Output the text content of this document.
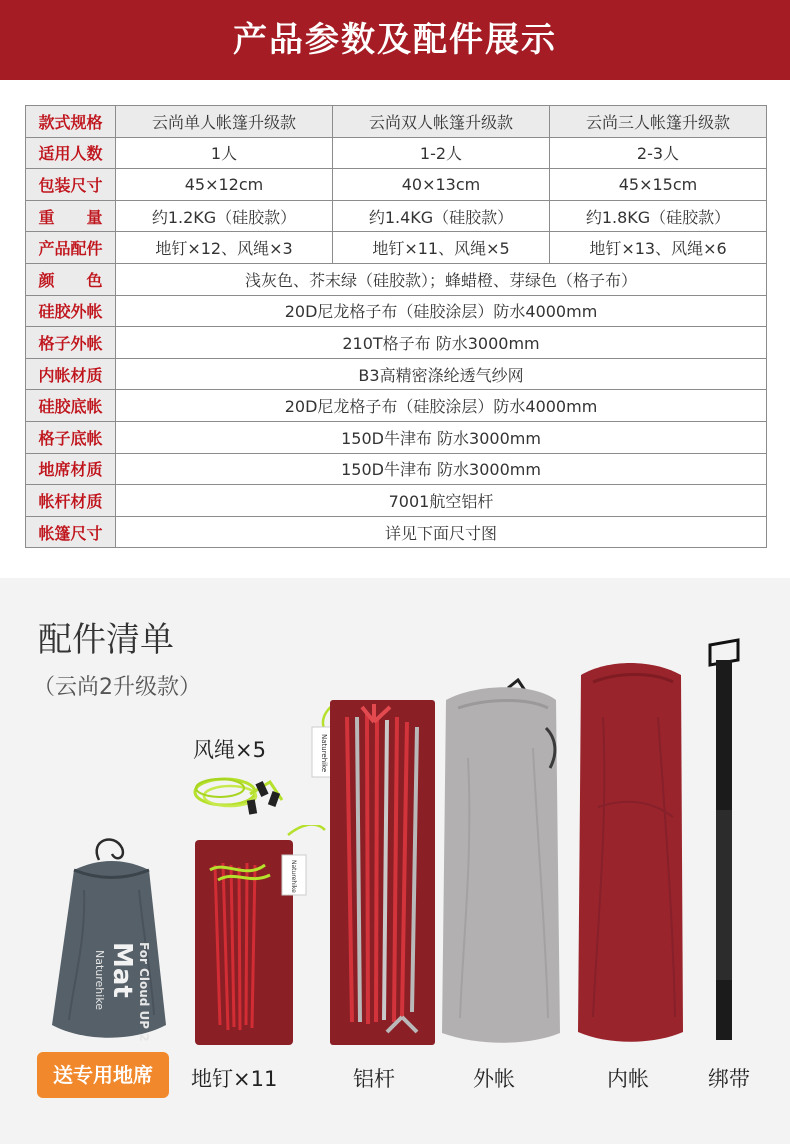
产品参数及配件展示
款式规格	云尚单人帐篷升级款	云尚双人帐篷升级款	云尚三人帐篷升级款
适用人数	1人	1-2人	2-3人
包装尺寸	45×12cm	40×13cm	45×15cm
重　　量	约1.2KG（硅胶款）	约1.4KG（硅胶款）	约1.8KG（硅胶款）
产品配件	地钉×12、风绳×3	地钉×11、风绳×5	地钉×13、风绳×6
颜　　色	浅灰色、芥末绿（硅胶款）；蜂蜡橙、芽绿色（格子布）		
硅胶外帐	20D尼龙格子布（硅胶涂层）防水4000mm		
格子外帐	210T格子布 防水3000mm		
内帐材质	B3高精密涤纶透气纱网		
硅胶底帐	20D尼龙格子布（硅胶涂层）防水4000mm		
格子底帐	150D牛津布 防水3000mm		
地席材质	150D牛津布 防水3000mm		
帐杆材质	7001航空铝杆		
帐篷尺寸	详见下面尺寸图		
配件清单
（云尚2升级款）
Naturehike Mat For Cloud UP 2
送专用地席
风绳×5
Naturehike
地钉×11
Naturehike
铝杆	外帐	内帐	绑带
